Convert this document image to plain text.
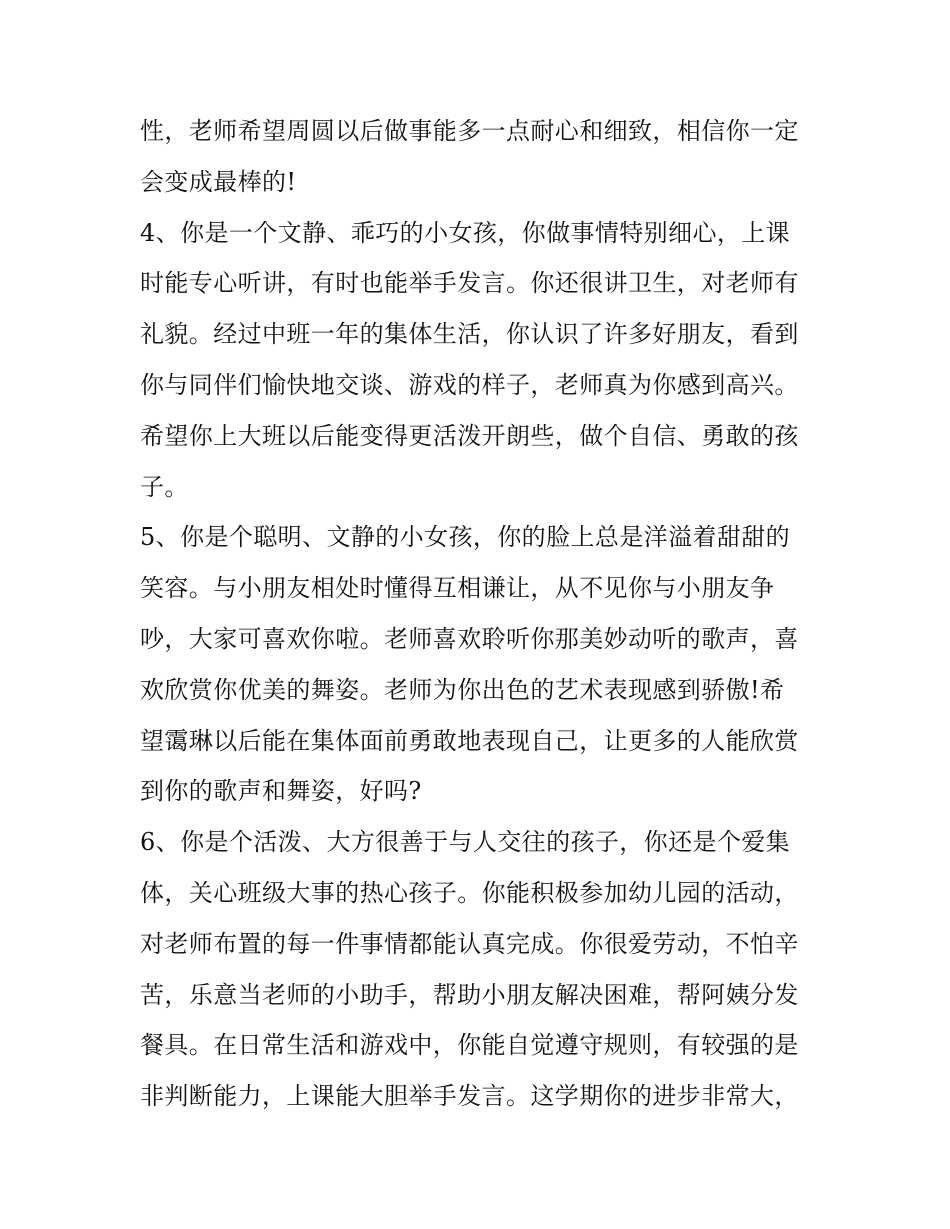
性，老师希望周圆以后做事能多一点耐心和细致，相信你一定
会变成最棒的!
4、你是一个文静、乖巧的小女孩，你做事情特别细心，上课
时能专心听讲，有时也能举手发言。你还很讲卫生，对老师有
礼貌。经过中班一年的集体生活，你认识了许多好朋友，看到
你与同伴们愉快地交谈、游戏的样子，老师真为你感到高兴。
希望你上大班以后能变得更活泼开朗些，做个自信、勇敢的孩
子。
5、你是个聪明、文静的小女孩，你的脸上总是洋溢着甜甜的
笑容。与小朋友相处时懂得互相谦让，从不见你与小朋友争
吵，大家可喜欢你啦。老师喜欢聆听你那美妙动听的歌声，喜
欢欣赏你优美的舞姿。老师为你出色的艺术表现感到骄傲!希
望霭琳以后能在集体面前勇敢地表现自己，让更多的人能欣赏
到你的歌声和舞姿，好吗?
6、你是个活泼、大方很善于与人交往的孩子，你还是个爱集
体，关心班级大事的热心孩子。你能积极参加幼儿园的活动，
对老师布置的每一件事情都能认真完成。你很爱劳动，不怕辛
苦，乐意当老师的小助手，帮助小朋友解决困难，帮阿姨分发
餐具。在日常生活和游戏中，你能自觉遵守规则，有较强的是
非判断能力，上课能大胆举手发言。这学期你的进步非常大，
